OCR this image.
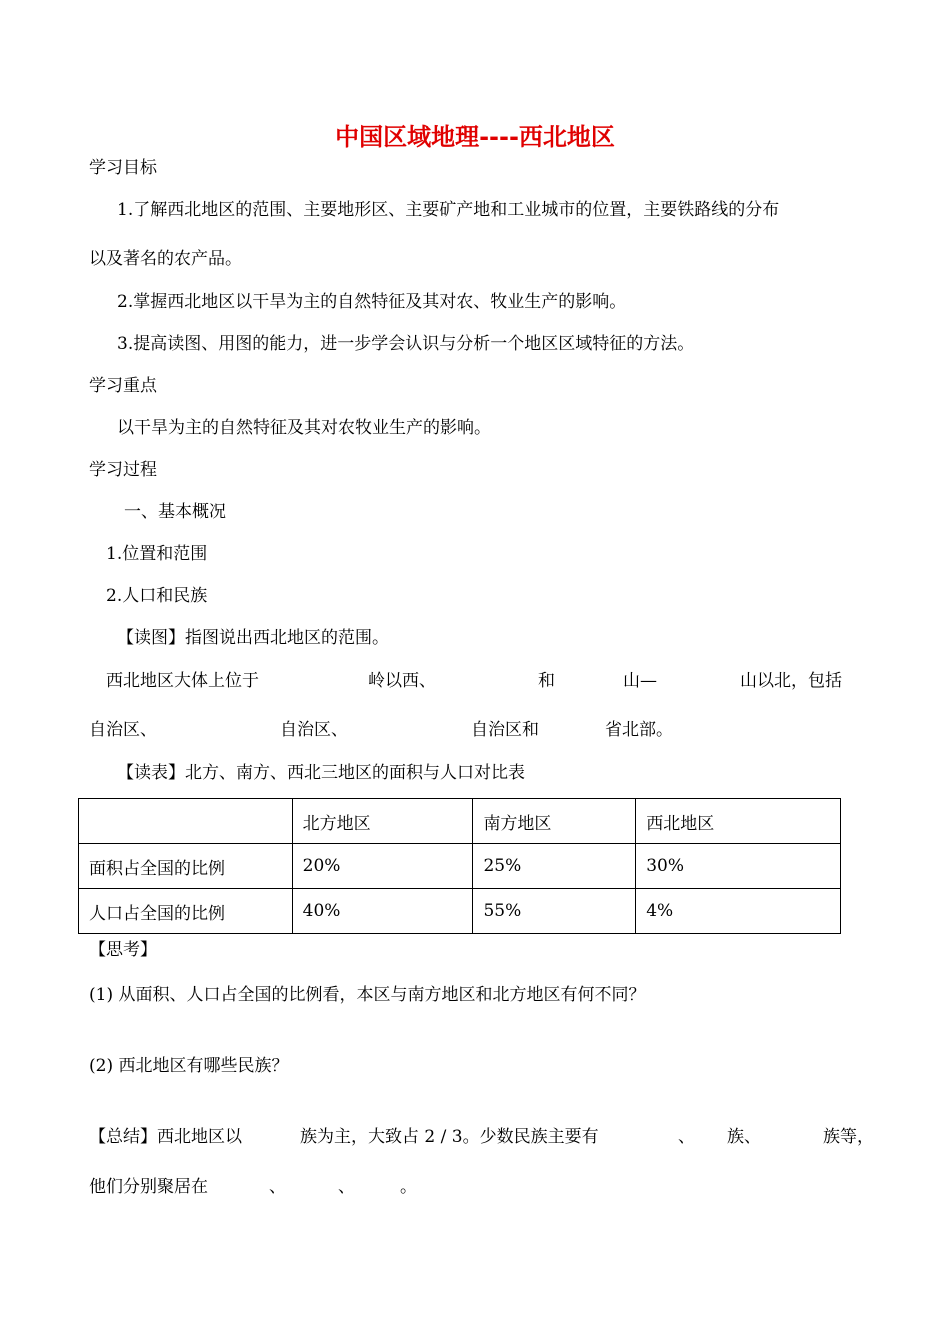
中国区域地理----西北地区
学习目标
1.了解西北地区的范围、主要地形区、主要矿产地和工业城市的位置，主要铁路线的分布
以及著名的农产品。
2.掌握西北地区以干旱为主的自然特征及其对农、牧业生产的影响。
3.提高读图、用图的能力，进一步学会认识与分析一个地区区域特征的方法。
学习重点
以干旱为主的自然特征及其对农牧业生产的影响。
学习过程
一、基本概况
1.位置和范围
2.人口和民族
【读图】指图说出西北地区的范围。
西北地区大体上位于	岭以西、	和	山—	山以北，包括
自治区、	自治区、	自治区和	省北部。
【读表】北方、南方、西北三地区的面积与人口对比表
	北方地区	南方地区	西北地区
面积占全国的比例	20%	25%	30%
人口占全国的比例	40%	55%	4%
【思考】
(1) 从面积、人口占全国的比例看，本区与南方地区和北方地区有何不同？
(2) 西北地区有哪些民族？
【总结】西北地区以	族为主，大致占 2 / 3。少数民族主要有	、 族、	族等，
他们分别聚居在	、	、	。
